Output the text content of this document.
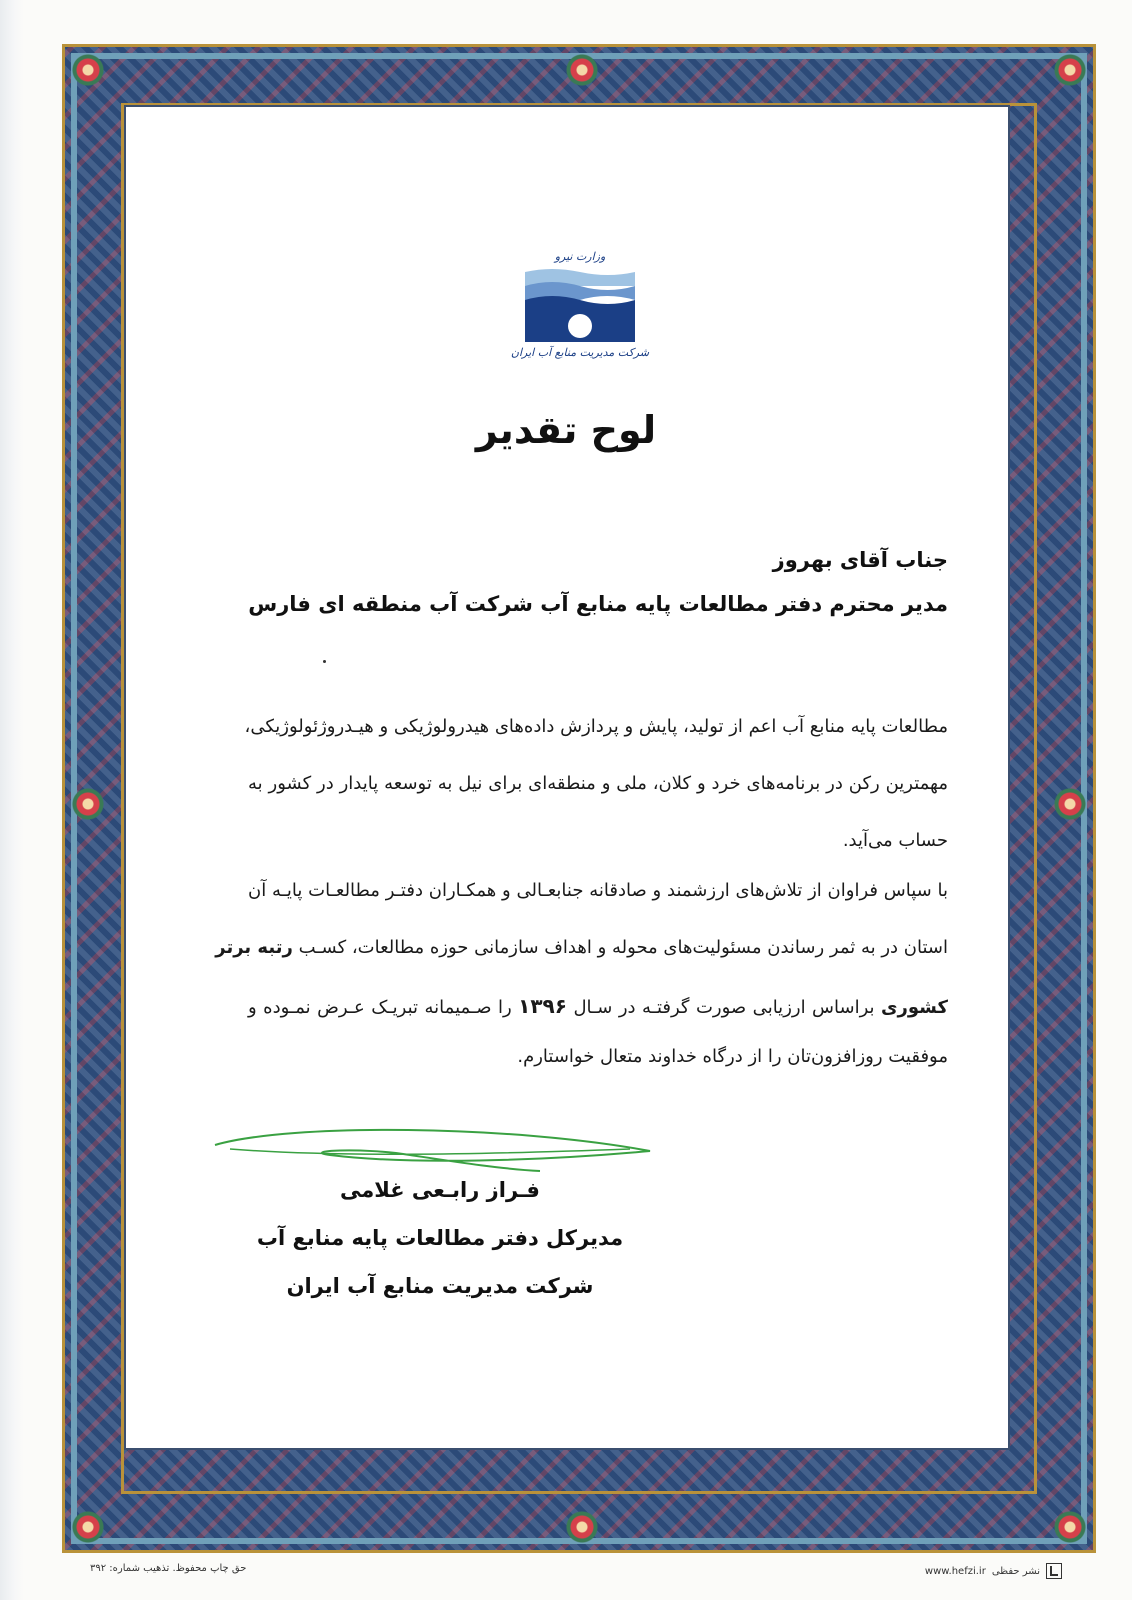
وزارت نیرو
شرکت مدیریت منابع آب ایران
لوح تقدیر
جناب آقای بهروز
مدیر محترم دفتر مطالعات پایه منابع آب شرکت آب منطقه ای فارس
مطالعات پایه منابع آب اعم از تولید، پایش و پردازش داده‌های هیدرولوژیکی و هیـدروژئولوژیکی،
مهمترین رکن در برنامه‌های خرد و کلان، ملی و منطقه‌ای برای نیل به توسعه پایدار در کشور به
حساب می‌آید.
با سپاس فراوان از تلاش‌های ارزشمند و صادقانه جنابعـالی و همکـاران دفتـر مطالعـات پایـه آن
استان در به ثمر رساندن مسئولیت‌های محوله و اهداف سازمانی حوزه مطالعات، کسـب رتبه برتر
کشوری براساس ارزیابی صورت گرفتـه در سـال ۱۳۹۶ را صـمیمانه تبریـک عـرض نمـوده و
موفقیت روزافزون‌تان را از درگاه خداوند متعال خواستارم.
فـراز رابـعی غلامی
مدیرکل دفتر مطالعات پایه منابع آب
شرکت مدیریت منابع آب ایران
حق چاپ محفوظ. تذهیب شماره: ۳۹۲	نشر حفظی
www.hefzi.ir
